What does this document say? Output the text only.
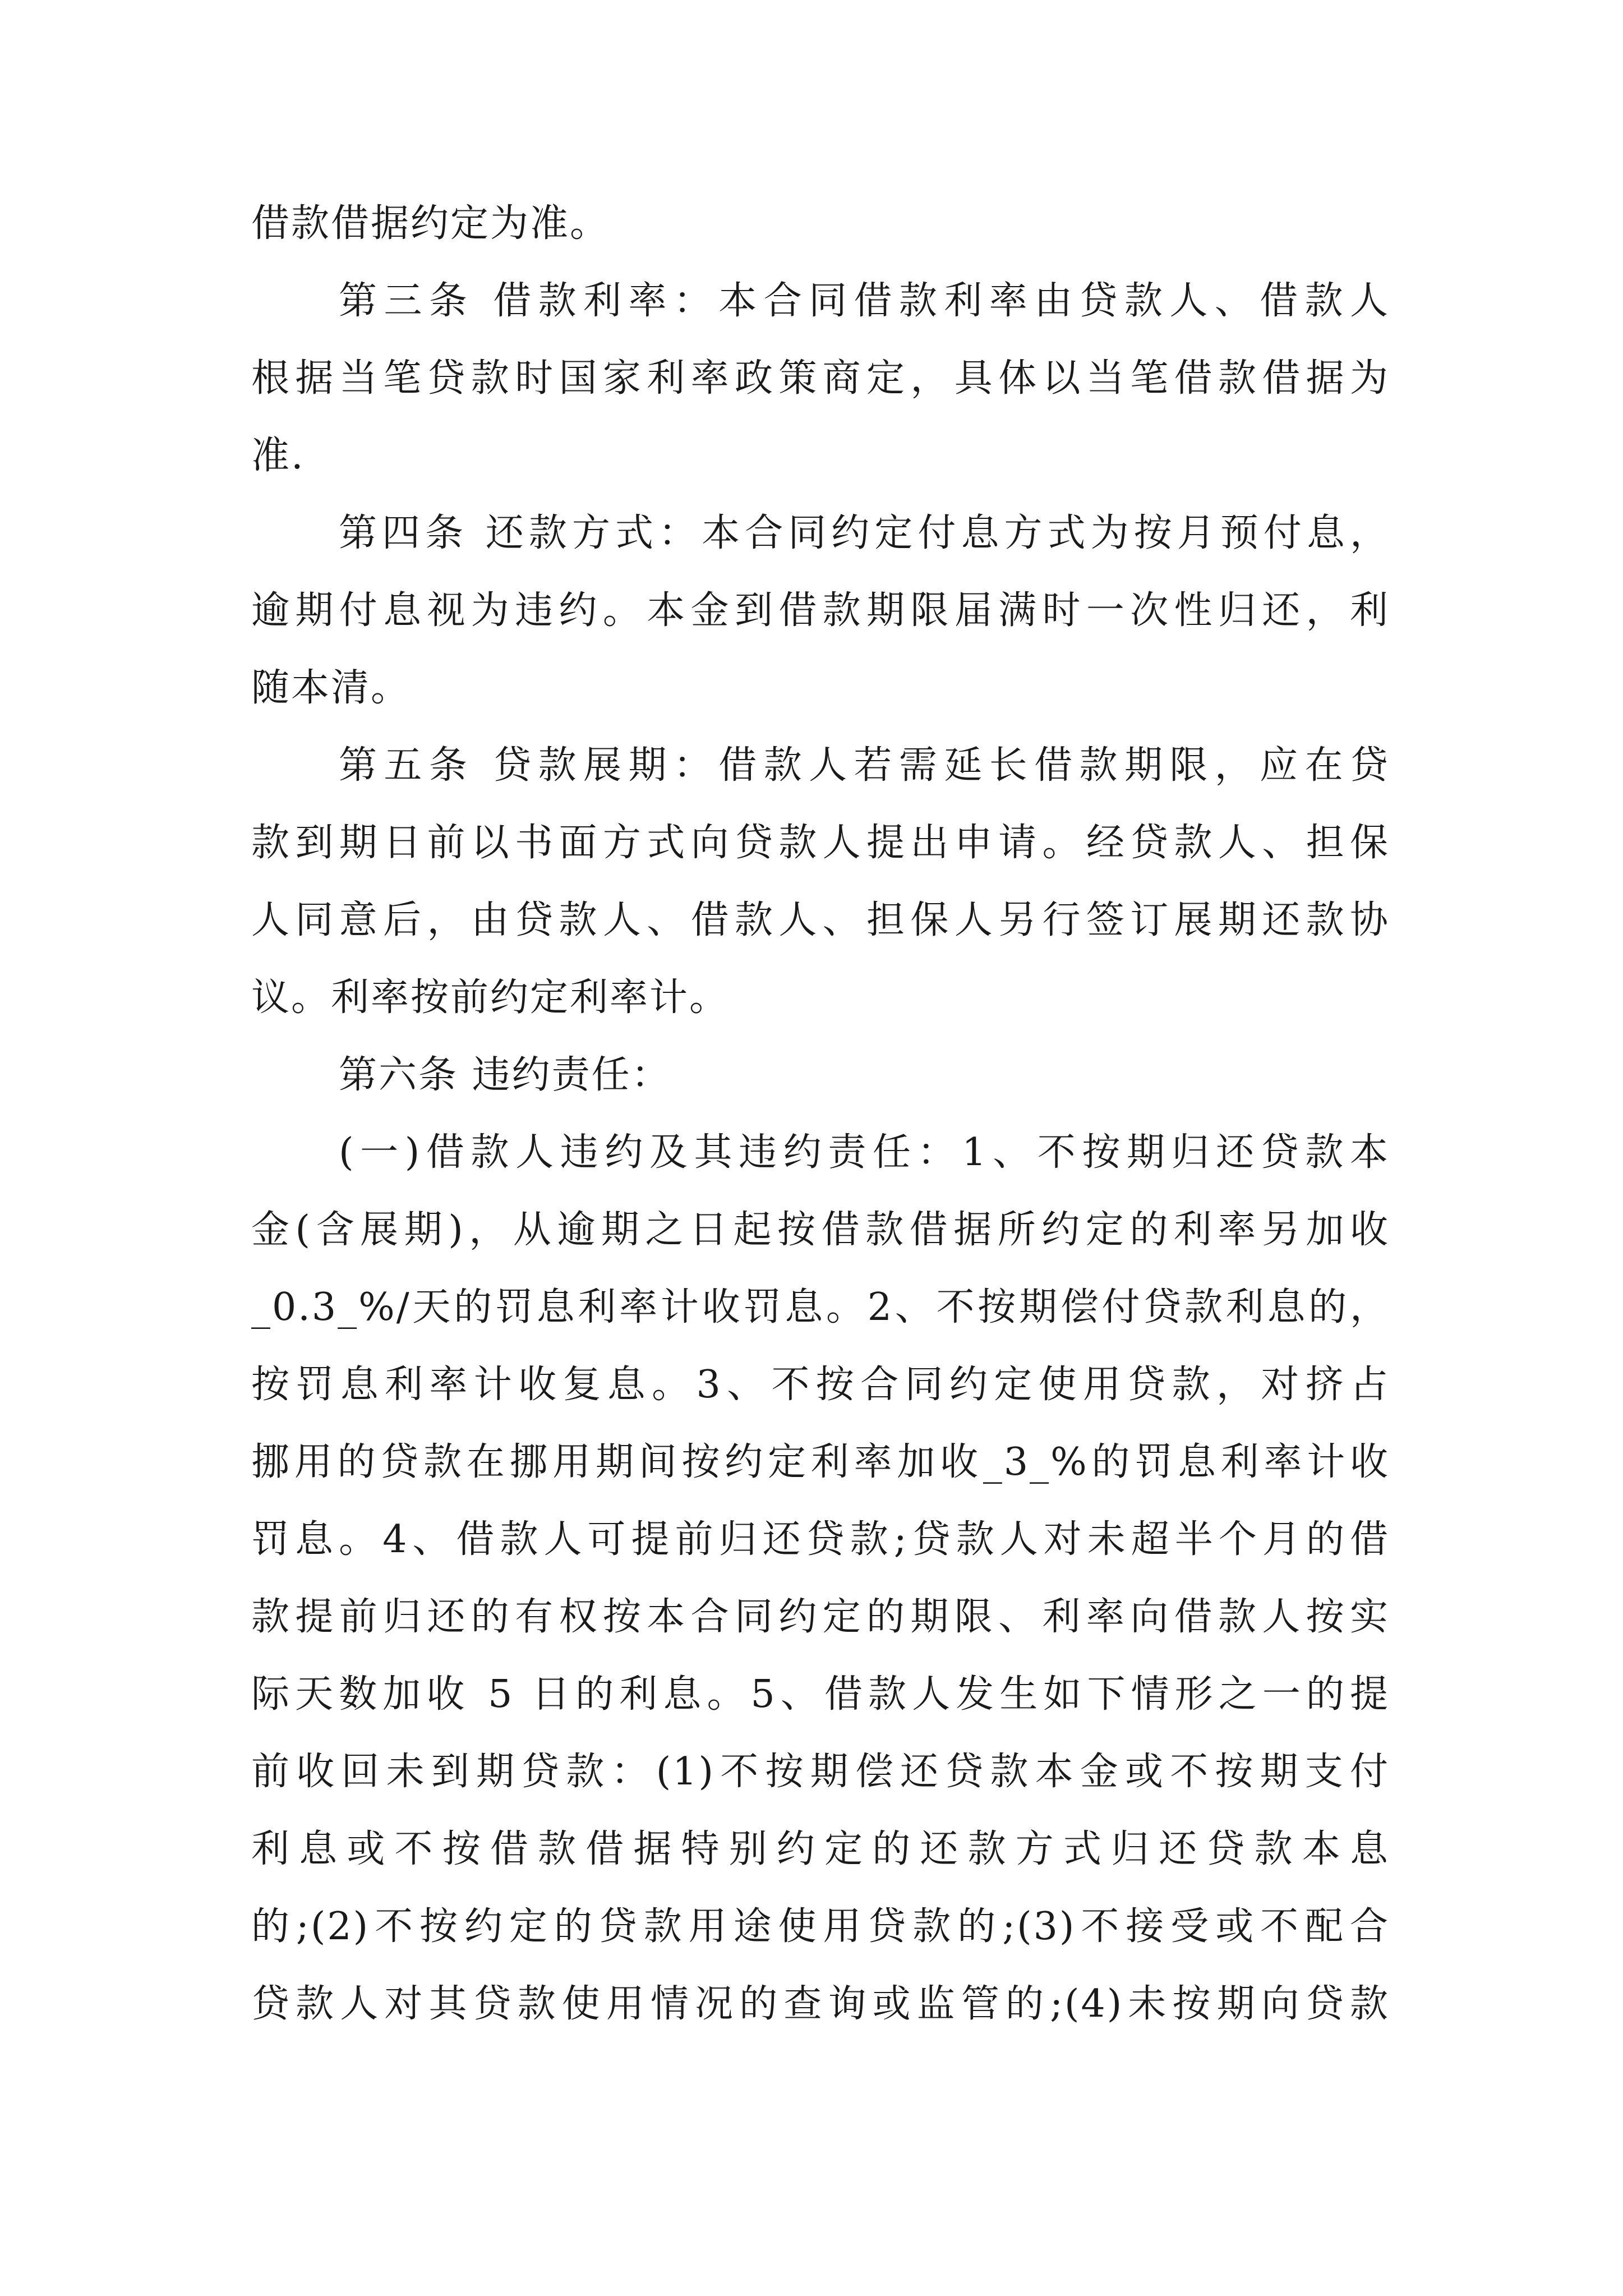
借款借据约定为准。
第三条 借款利率：本合同借款利率由贷款人、借款人
根据当笔贷款时国家利率政策商定，具体以当笔借款借据为
准.
第四条 还款方式：本合同约定付息方式为按月预付息，
逾期付息视为违约。本金到借款期限届满时一次性归还，利
随本清。
第五条 贷款展期：借款人若需延长借款期限，应在贷
款到期日前以书面方式向贷款人提出申请。经贷款人、担保
人同意后，由贷款人、借款人、担保人另行签订展期还款协
议。利率按前约定利率计。
第六条 违约责任：
(一)借款人违约及其违约责任：1、不按期归还贷款本
金(含展期)，从逾期之日起按借款借据所约定的利率另加收
_0.3_%/天的罚息利率计收罚息。2、不按期偿付贷款利息的，
按罚息利率计收复息。3、不按合同约定使用贷款，对挤占
挪用的贷款在挪用期间按约定利率加收_3_%的罚息利率计收
罚息。4、借款人可提前归还贷款;贷款人对未超半个月的借
款提前归还的有权按本合同约定的期限、利率向借款人按实
际天数加收 5 日的利息。5、借款人发生如下情形之一的提
前收回未到期贷款：(1)不按期偿还贷款本金或不按期支付
利息或不按借款借据特别约定的还款方式归还贷款本息
的;(2)不按约定的贷款用途使用贷款的;(3)不接受或不配合
贷款人对其贷款使用情况的查询或监管的;(4)未按期向贷款
